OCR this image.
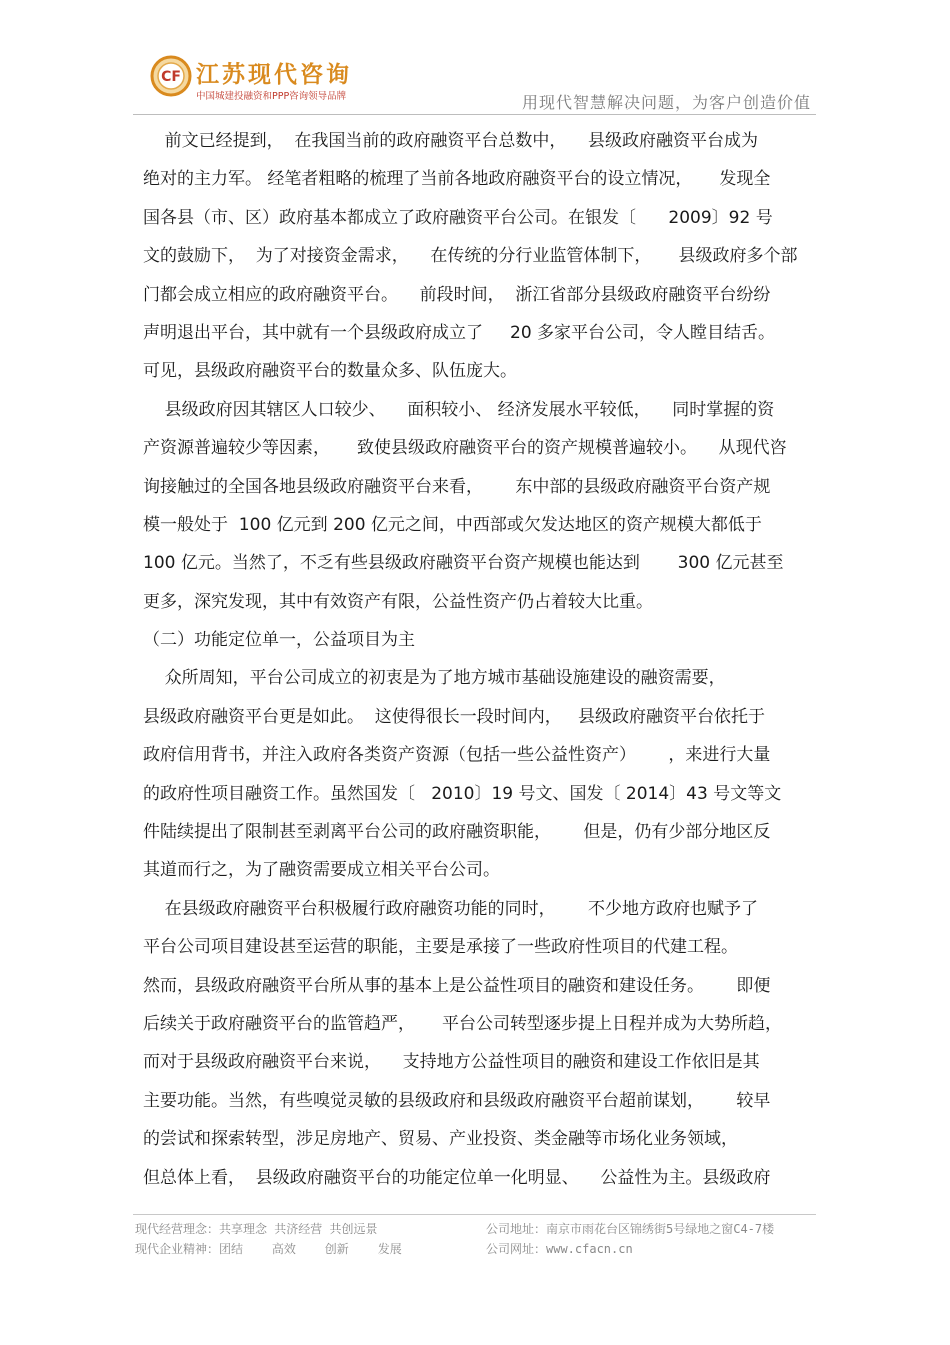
CF 江苏现代咨询
中国城建投融资和PPP咨询领导品牌	用现代智慧解决问题，为客户创造价值
前文已经提到，  在我国当前的政府融资平台总数中，    县级政府融资平台成为
绝对的主力军。 经笔者粗略的梳理了当前各地政府融资平台的设立情况，     发现全
国各县（市、区）政府基本都成立了政府融资平台公司。在银发〔      2009〕92 号
文的鼓励下，  为了对接资金需求，    在传统的分行业监管体制下，     县级政府多个部
门都会成立相应的政府融资平台。    前段时间，  浙江省部分县级政府融资平台纷纷
声明退出平台，其中就有一个县级政府成立了     20 多家平台公司，令人瞠目结舌。
可见，县级政府融资平台的数量众多、队伍庞大。
县级政府因其辖区人口较少、    面积较小、 经济发展水平较低，    同时掌握的资
产资源普遍较少等因素，     致使县级政府融资平台的资产规模普遍较小。    从现代咨
询接触过的全国各地县级政府融资平台来看，      东中部的县级政府融资平台资产规
模一般处于  100 亿元到 200 亿元之间，中西部或欠发达地区的资产规模大都低于
100 亿元。当然了，不乏有些县级政府融资平台资产规模也能达到       300 亿元甚至
更多，深究发现，其中有效资产有限，公益性资产仍占着较大比重。
（二）功能定位单一，公益项目为主
众所周知，平台公司成立的初衷是为了地方城市基础设施建设的融资需要，
县级政府融资平台更是如此。  这使得很长一段时间内，   县级政府融资平台依托于
政府信用背书，并注入政府各类资产资源（包括一些公益性资产）      ，来进行大量
的政府性项目融资工作。虽然国发〔   2010〕19 号文、国发〔 2014〕43 号文等文
件陆续提出了限制甚至剥离平台公司的政府融资职能，      但是，仍有少部分地区反
其道而行之，为了融资需要成立相关平台公司。
在县级政府融资平台积极履行政府融资功能的同时，      不少地方政府也赋予了
平台公司项目建设甚至运营的职能，主要是承接了一些政府性项目的代建工程。
然而，县级政府融资平台所从事的基本上是公益性项目的融资和建设任务。      即便
后续关于政府融资平台的监管趋严，     平台公司转型逐步提上日程并成为大势所趋，
而对于县级政府融资平台来说，    支持地方公益性项目的融资和建设工作依旧是其
主要功能。当然，有些嗅觉灵敏的县级政府和县级政府融资平台超前谋划，      较早
的尝试和探索转型，涉足房地产、贸易、产业投资、类金融等市场化业务领域，
但总体上看，  县级政府融资平台的功能定位单一化明显、    公益性为主。县级政府
现代经营理念：共享理念 共济经营 共创远景
现代企业精神：团结    高效    创新    发展
公司地址：南京市雨花台区锦绣街5号绿地之窗C4-7楼
公司网址：www.cfacn.cn
